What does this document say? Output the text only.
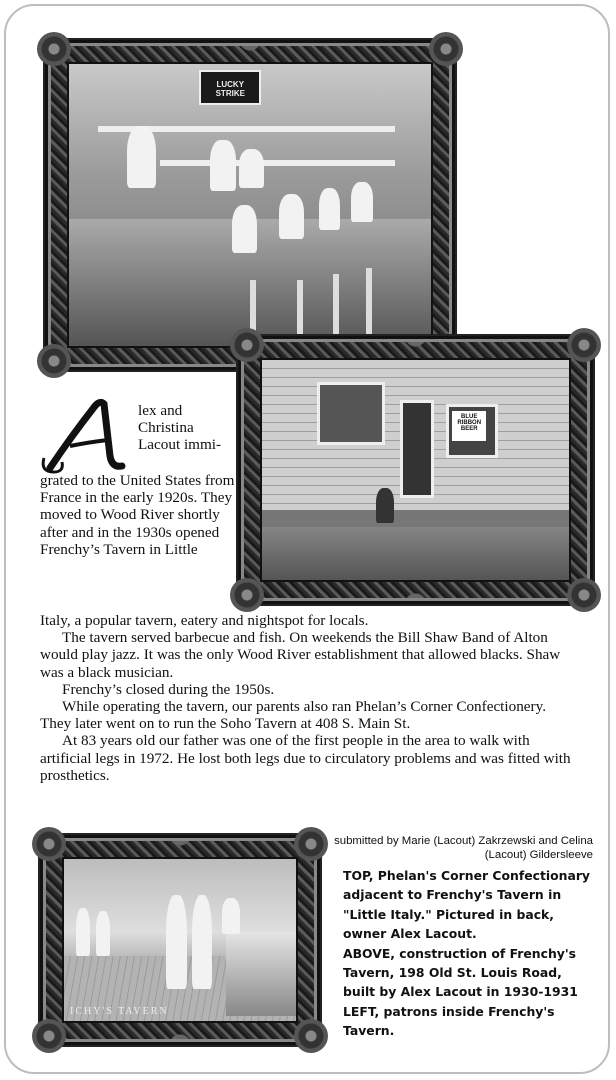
LUCKY STRIKE
BLUE RIBBON BEER
A

lex and Christina Lacout immi-

grated to the United States from France in the early 1920s. They moved to Wood River shortly after and in the 1930s opened Frenchy’s Tavern in Little

Italy, a popular tavern, eatery and nightspot for locals.

The tavern served barbecue and fish. On weekends the Bill Shaw Band of Alton would play jazz. It was the only Wood River establishment that allowed blacks. Shaw was a black musician.

Frenchy’s closed during the 1950s.

While operating the tavern, our parents also ran Phelan’s Corner Confectionery. They later went on to run the Soho Tavern at 408 S. Main St.

At 83 years old our father was one of the first people in the area to walk with artificial legs in 1972. He lost both legs due to circulatory problems and was fitted with prosthetics.

ICHY'S TAVERN
submitted by Marie (Lacout) Zakrzewski and Celina (Lacout) Gildersleeve
TOP, Phelan's Corner Confectionary adjacent to Frenchy's Tavern in "Little Italy." Pictured in back, owner Alex Lacout.
ABOVE, construction of Frenchy's Tavern, 198 Old St. Louis Road, built by Alex Lacout in 1930-1931
LEFT, patrons inside Frenchy's Tavern.
